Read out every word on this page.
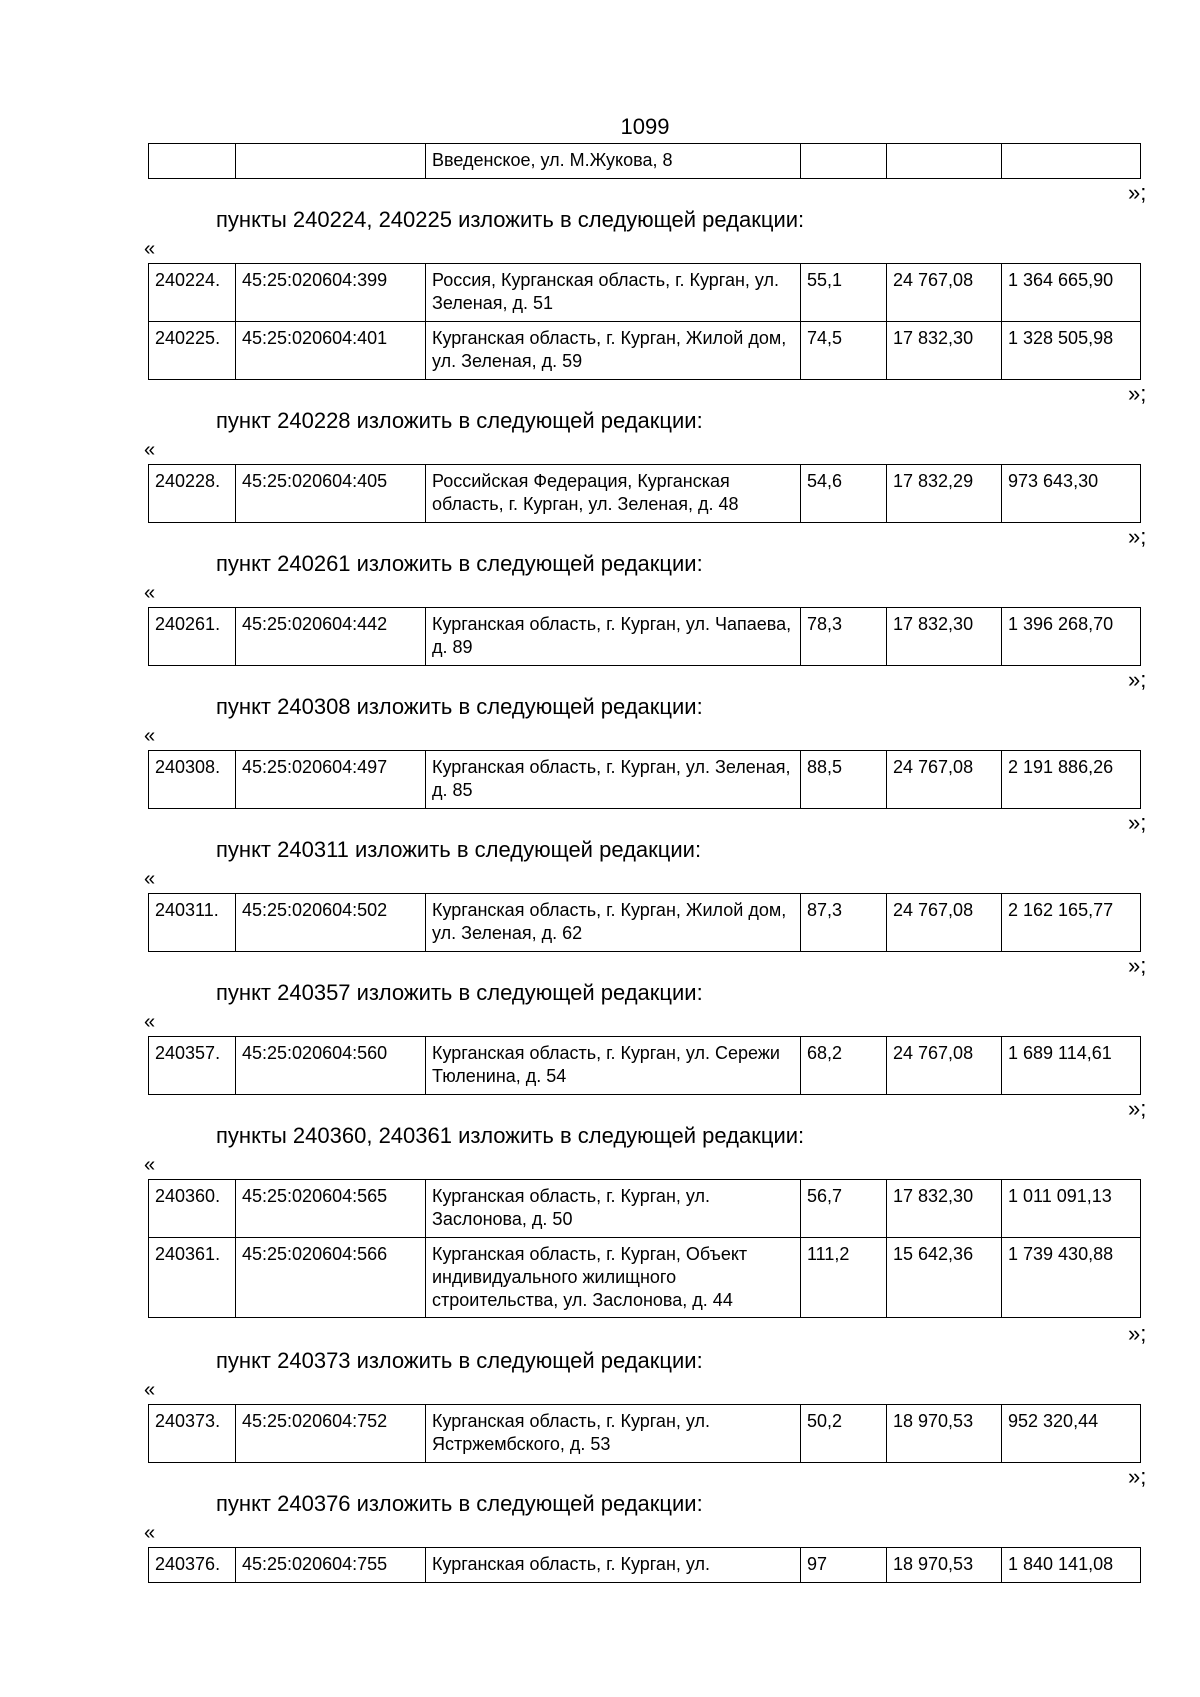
1099
		Введенское, ул. М.Жукова, 8			
»;
пункты 240224, 240225 изложить в следующей редакции:
«
240224.	45:25:020604:399	Россия, Курганская область, г. Курган, ул. Зеленая, д. 51	55,1	24 767,08	1 364 665,90
240225.	45:25:020604:401	Курганская область, г. Курган, Жилой дом, ул. Зеленая, д. 59	74,5	17 832,30	1 328 505,98
»;
пункт 240228 изложить в следующей редакции:
«
240228.	45:25:020604:405	Российская Федерация, Курганская область, г. Курган, ул. Зеленая, д. 48	54,6	17 832,29	973 643,30
»;
пункт 240261 изложить в следующей редакции:
«
240261.	45:25:020604:442	Курганская область, г. Курган, ул. Чапаева, д. 89	78,3	17 832,30	1 396 268,70
»;
пункт 240308 изложить в следующей редакции:
«
240308.	45:25:020604:497	Курганская область, г. Курган, ул. Зеленая, д. 85	88,5	24 767,08	2 191 886,26
»;
пункт 240311 изложить в следующей редакции:
«
240311.	45:25:020604:502	Курганская область, г. Курган, Жилой дом, ул. Зеленая, д. 62	87,3	24 767,08	2 162 165,77
»;
пункт 240357 изложить в следующей редакции:
«
240357.	45:25:020604:560	Курганская область, г. Курган, ул. Сережи Тюленина, д. 54	68,2	24 767,08	1 689 114,61
»;
пункты 240360, 240361 изложить в следующей редакции:
«
240360.	45:25:020604:565	Курганская область, г. Курган, ул. Заслонова, д. 50	56,7	17 832,30	1 011 091,13
240361.	45:25:020604:566	Курганская область, г. Курган, Объект индивидуального жилищного строительства, ул. Заслонова, д. 44	111,2	15 642,36	1 739 430,88
»;
пункт 240373 изложить в следующей редакции:
«
240373.	45:25:020604:752	Курганская область, г. Курган, ул. Ястржембского, д. 53	50,2	18 970,53	952 320,44
»;
пункт 240376 изложить в следующей редакции:
«
240376.	45:25:020604:755	Курганская область, г. Курган, ул.	97	18 970,53	1 840 141,08
